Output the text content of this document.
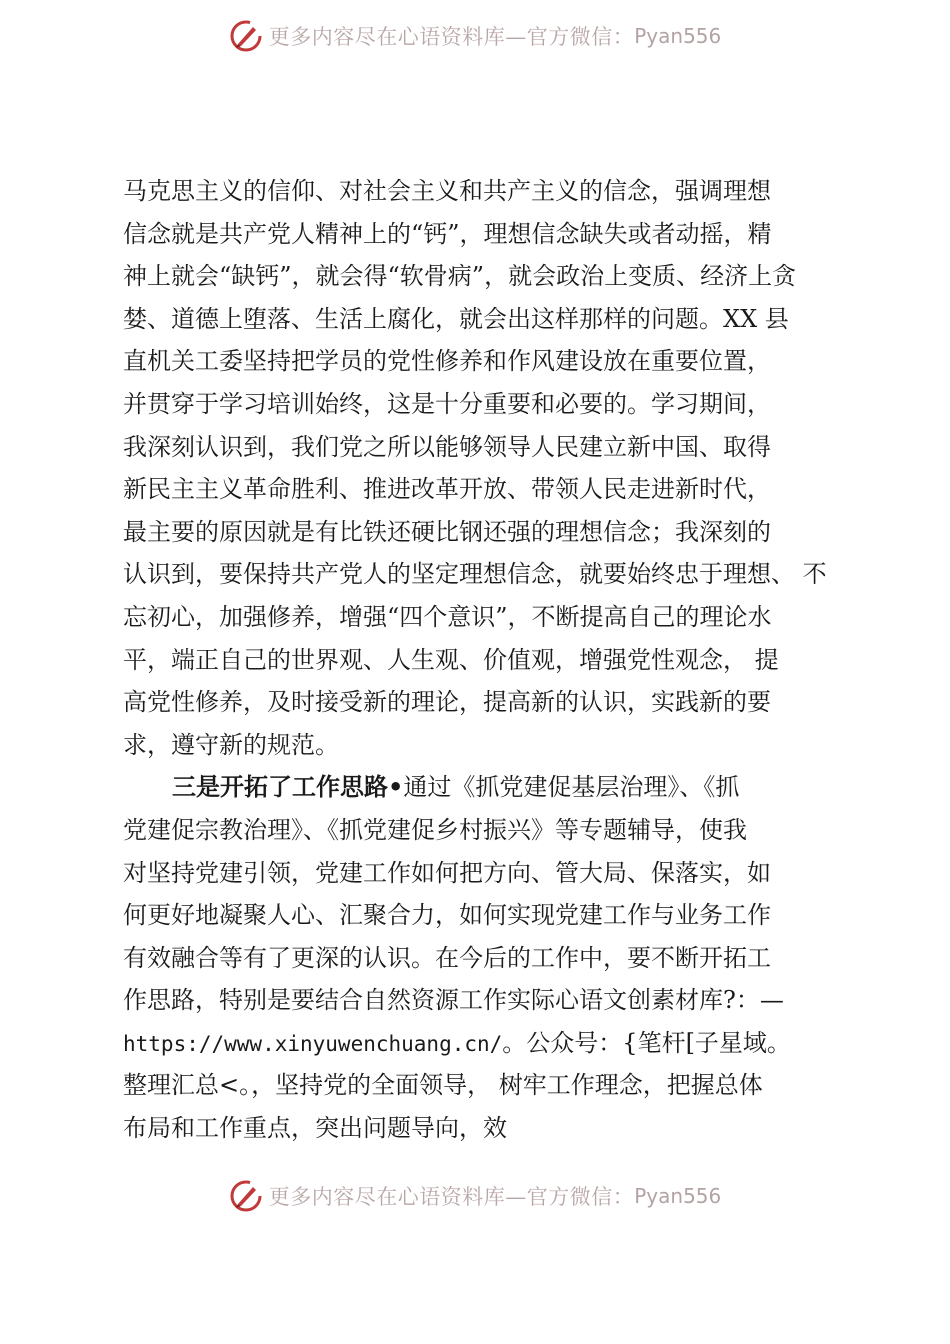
更多内容尽在心语资料库—官方微信： Pyan556
马克思主义的信仰、对社会主义和共产主义的信念，强调理想
信念就是共产党人精神上的“钙”，理想信念缺失或者动摇，精
神上就会“缺钙”，就会得“软骨病”，就会政治上变质、经济上贪
婪、道德上堕落、生活上腐化，就会出这样那样的问题。XX 县
直机关工委坚持把学员的党性修养和作风建设放在重要位置，
并贯穿于学习培训始终，这是十分重要和必要的。学习期间，
我深刻认识到，我们党之所以能够领导人民建立新中国、取得
新民主主义革命胜利、推进改革开放、带领人民走进新时代，
最主要的原因就是有比铁还硬比钢还强的理想信念；我深刻的
认识到，要保持共产党人的坚定理想信念，就要始终忠于理想、 不
忘初心，加强修养，增强“四个意识”，不断提高自己的理论水
平，端正自己的世界观、人生观、价值观，增强党性观念， 提
高党性修养，及时接受新的理论，提高新的认识，实践新的要
求，遵守新的规范。
三是开拓了工作思路•通过《抓党建促基层治理》、《抓
党建促宗教治理》、《抓党建促乡村振兴》等专题辅导，使我
对坚持党建引领，党建工作如何把方向、管大局、保落实，如
何更好地凝聚人心、汇聚合力，如何实现党建工作与业务工作
有效融合等有了更深的认识。在今后的工作中，要不断开拓工
作思路，特别是要结合自然资源工作实际心语文创素材库?：—
https://www.xinyuwenchuang.cn/。公众号：{笔杆[子星域。
整理汇总<。，坚持党的全面领导， 树牢工作理念，把握总体
布局和工作重点，突出问题导向，效
更多内容尽在心语资料库—官方微信： Pyan556
